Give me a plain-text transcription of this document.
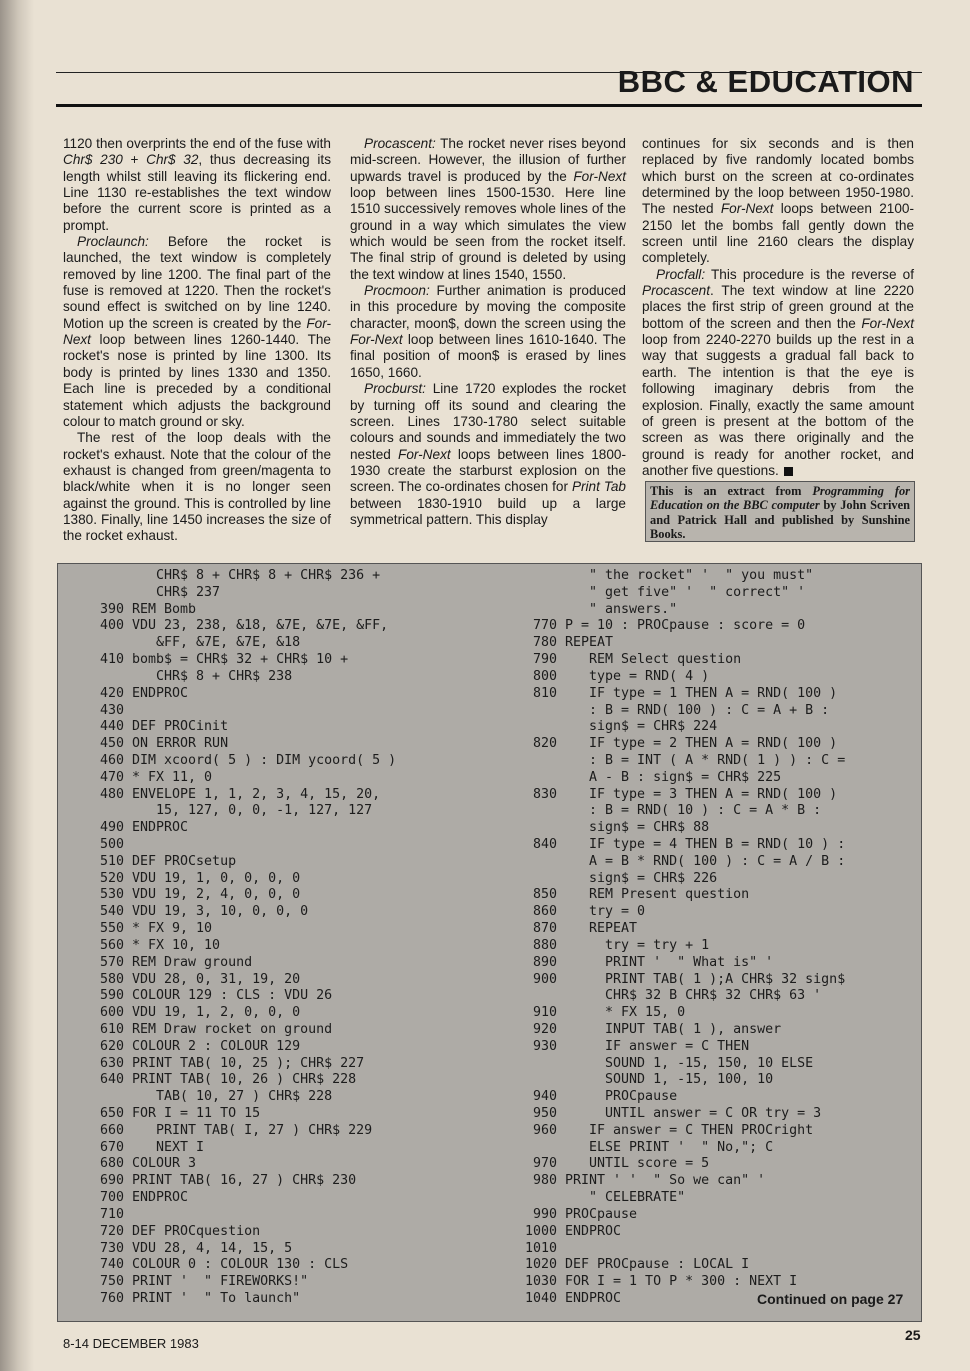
BBC & EDUCATION

1120 then overprints the end of the fuse with Chr$ 230 + Chr$ 32, thus decreasing its length whilst still leaving its flickering end. Line 1130 re-establishes the text window before the current score is printed as a prompt.

Proclaunch: Before the rocket is launched, the text window is completely removed by line 1200. The final part of the fuse is removed at 1220. Then the rocket's sound effect is switched on by line 1240. Motion up the screen is created by the For-Next loop between lines 1260-1440. The rocket's nose is printed by line 1300. Its body is printed by lines 1330 and 1350. Each line is preceded by a conditional statement which adjusts the background colour to match ground or sky.

The rest of the loop deals with the rocket's exhaust. Note that the colour of the exhaust is changed from green/magenta to black/white when it is no longer seen against the ground. This is controlled by line 1380. Finally, line 1450 increases the size of the rocket exhaust.

Procascent: The rocket never rises beyond mid-screen. However, the illusion of further upwards travel is produced by the For-Next loop between lines 1500-1530. Here line 1510 successively removes whole lines of the ground in a way which simulates the view which would be seen from the rocket itself. The final strip of ground is deleted by using the text window at lines 1540, 1550.

Procmoon: Further animation is produced in this procedure by moving the composite character, moon$, down the screen using the For-Next loop between lines 1610-1640. The final position of moon$ is erased by lines 1650, 1660.

Procburst: Line 1720 explodes the rocket by turning off its sound and clearing the screen. Lines 1730-1780 select suitable colours and sounds and immediately the two nested For-Next loops between lines 1800-1930 create the starburst explosion on the screen. The co-ordinates chosen for Print Tab between 1830-1910 build up a large symmetrical pattern. This display

continues for six seconds and is then replaced by five randomly located bombs which burst on the screen at co-ordinates determined by the loop between 1950-1980. The nested For-Next loops between 2100-2150 let the bombs fall gently down the screen until line 2160 clears the display completely.

Procfall: This procedure is the reverse of Procascent. The text window at line 2220 places the first strip of green ground at the bottom of the screen and then the For-Next loop from 2240-2270 builds up the rest in a way that suggests a gradual fall back to earth. The intention is that the eye is following imaginary debris from the explosion. Finally, exactly the same amount of green is present at the bottom of the screen as was there originally and the ground is ready for another rocket, and another five questions.

This is an extract from Programming for Education on the BBC computer by John Scriven and Patrick Hall and published by Sunshine Books.
CHR$ 8 + CHR$ 8 + CHR$ 236 +
CHR$ 237
390 REM Bomb
400 VDU 23, 238, &18, &7E, &7E, &FF,
&FF, &7E, &7E, &18
410 bomb$ = CHR$ 32 + CHR$ 10 +
CHR$ 8 + CHR$ 238
420 ENDPROC
430
440 DEF PROCinit
450 ON ERROR RUN
460 DIM xcoord( 5 ) : DIM ycoord( 5 )
470 * FX 11, 0
480 ENVELOPE 1, 1, 2, 3, 4, 15, 20,
15, 127, 0, 0, -1, 127, 127
490 ENDPROC
500
510 DEF PROCsetup
520 VDU 19, 1, 0, 0, 0, 0
530 VDU 19, 2, 4, 0, 0, 0
540 VDU 19, 3, 10, 0, 0, 0
550 * FX 9, 10
560 * FX 10, 10
570 REM Draw ground
580 VDU 28, 0, 31, 19, 20
590 COLOUR 129 : CLS : VDU 26
600 VDU 19, 1, 2, 0, 0, 0
610 REM Draw rocket on ground
620 COLOUR 2 : COLOUR 129
630 PRINT TAB( 10, 25 ); CHR$ 227
640 PRINT TAB( 10, 26 ) CHR$ 228
TAB( 10, 27 ) CHR$ 228
650 FOR I = 11 TO 15
660    PRINT TAB( I, 27 ) CHR$ 229
670    NEXT I
680 COLOUR 3
690 PRINT TAB( 16, 27 ) CHR$ 230
700 ENDPROC
710
720 DEF PROCquestion
730 VDU 28, 4, 14, 15, 5
740 COLOUR 0 : COLOUR 130 : CLS
750 PRINT '  " FIREWORKS!"
760 PRINT '  " To launch"
" the rocket" '  " you must"
" get five" '  " correct" '
" answers."
770 P = 10 : PROCpause : score = 0
780 REPEAT
790    REM Select question
800    type = RND( 4 )
810    IF type = 1 THEN A = RND( 100 )
: B = RND( 100 ) : C = A + B :
sign$ = CHR$ 224
820    IF type = 2 THEN A = RND( 100 )
: B = INT ( A * RND( 1 ) ) : C =
A - B : sign$ = CHR$ 225
830    IF type = 3 THEN A = RND( 100 )
: B = RND( 10 ) : C = A * B :
sign$ = CHR$ 88
840    IF type = 4 THEN B = RND( 10 ) :
A = B * RND( 100 ) : C = A / B :
sign$ = CHR$ 226
850    REM Present question
860    try = 0
870    REPEAT
880      try = try + 1
890      PRINT '  " What is" '
900      PRINT TAB( 1 );A CHR$ 32 sign$
CHR$ 32 B CHR$ 32 CHR$ 63 '
910      * FX 15, 0
920      INPUT TAB( 1 ), answer
930      IF answer = C THEN
SOUND 1, -15, 150, 10 ELSE
SOUND 1, -15, 100, 10
940      PROCpause
950      UNTIL answer = C OR try = 3
960    IF answer = C THEN PROCright
ELSE PRINT '  " No,"; C
970    UNTIL score = 5
980 PRINT ' '  " So we can" '
" CELEBRATE"
990 PROCpause
1000 ENDPROC
1010
1020 DEF PROCpause : LOCAL I
1030 FOR I = 1 TO P * 300 : NEXT I
1040 ENDPROC	Continued on page 27
8-14 DECEMBER 1983
25
